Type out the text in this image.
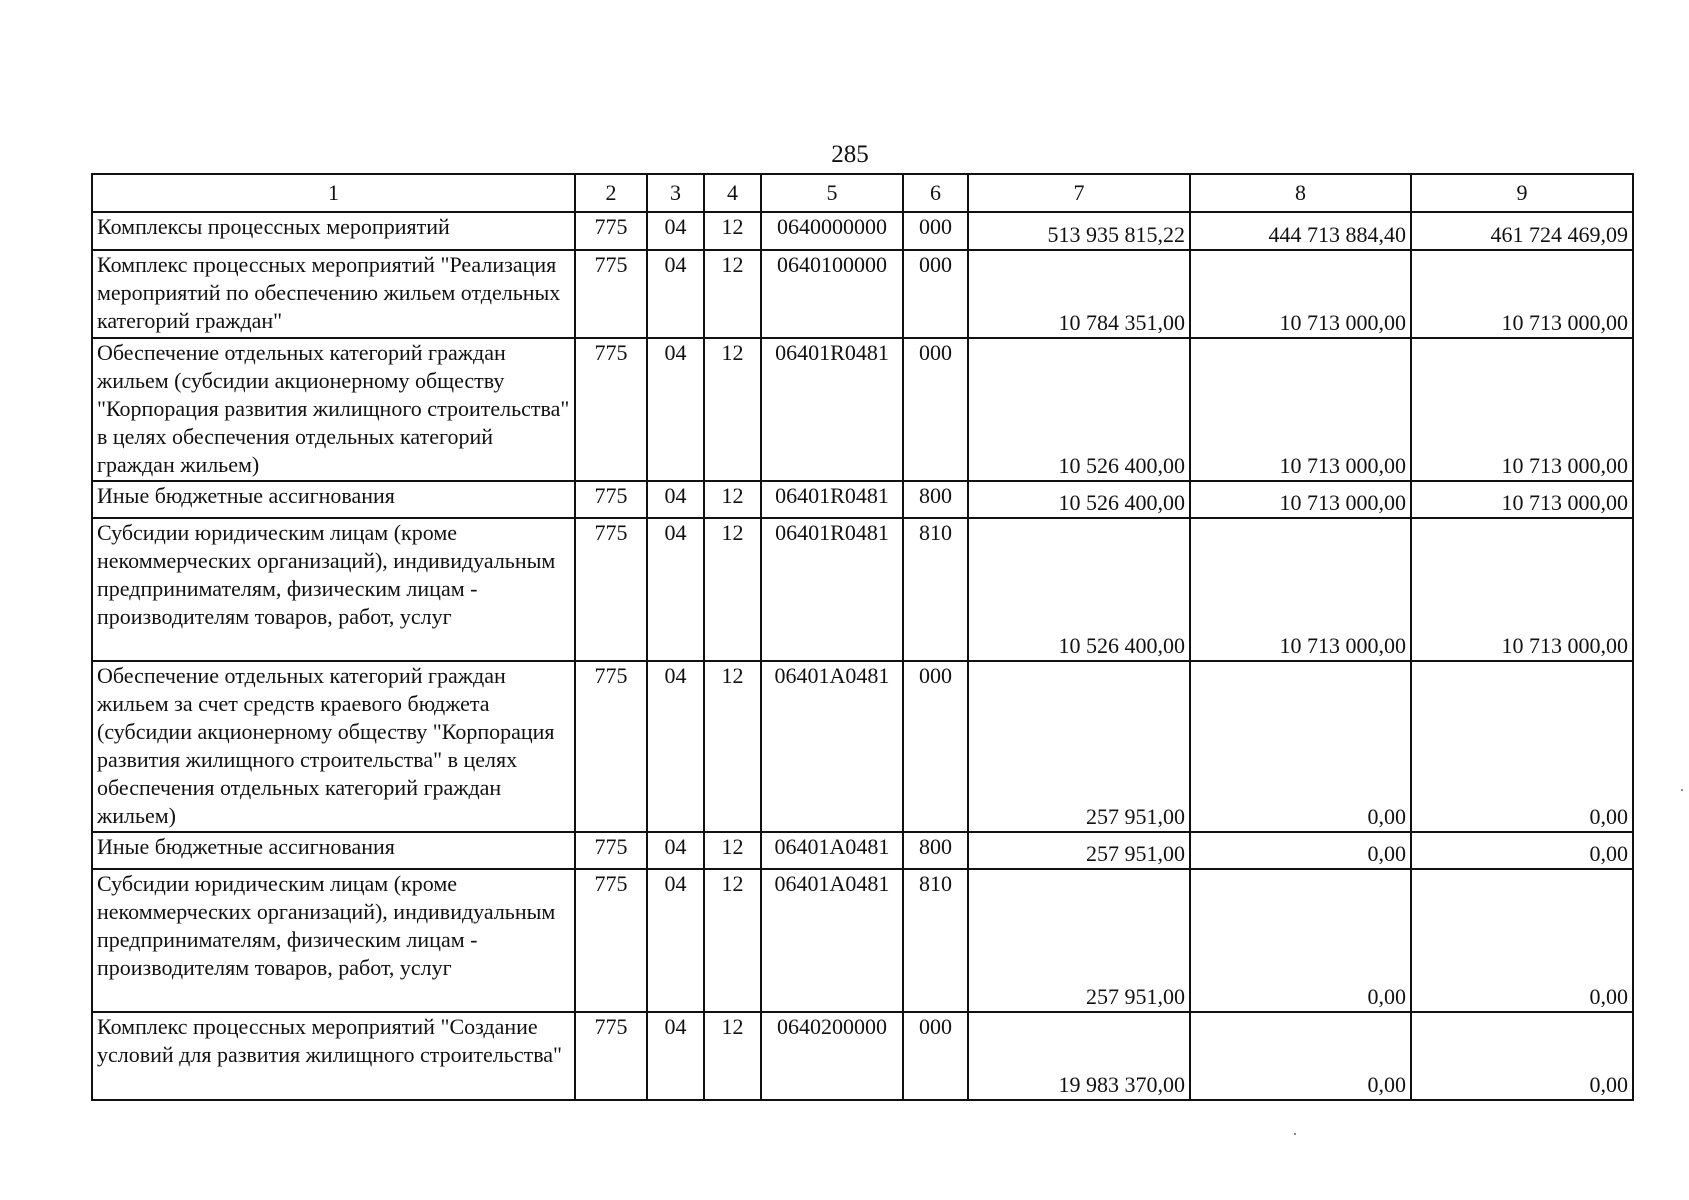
285
1	2	3	4	5	6	7	8	9
Комплексы процессных мероприятий	775	04	12	0640000000	000	513 935 815,22	444 713 884,40	461 724 469,09
Комплекс процессных мероприятий "Реализация мероприятий по обеспечению жильем отдельных категорий граждан"	775	04	12	0640100000	000	10 784 351,00	10 713 000,00	10 713 000,00
Обеспечение отдельных категорий граждан жильем (субсидии акционерному обществу "Корпорация развития жилищного строительства" в целях обеспечения отдельных категорий граждан жильем)	775	04	12	06401R0481	000	10 526 400,00	10 713 000,00	10 713 000,00
Иные бюджетные ассигнования	775	04	12	06401R0481	800	10 526 400,00	10 713 000,00	10 713 000,00
Субсидии юридическим лицам (кроме некоммерческих организаций), индивидуальным предпринимателям, физическим лицам - производителям товаров, работ, услуг	775	04	12	06401R0481	810	10 526 400,00	10 713 000,00	10 713 000,00
Обеспечение отдельных категорий граждан жильем за счет средств краевого бюджета (субсидии акционерному обществу "Корпорация развития жилищного строительства" в целях обеспечения отдельных категорий граждан жильем)	775	04	12	06401A0481	000	257 951,00	0,00	0,00
Иные бюджетные ассигнования	775	04	12	06401A0481	800	257 951,00	0,00	0,00
Субсидии юридическим лицам (кроме некоммерческих организаций), индивидуальным предпринимателям, физическим лицам - производителям товаров, работ, услуг	775	04	12	06401A0481	810	257 951,00	0,00	0,00
Комплекс процессных мероприятий "Создание условий для развития жилищного строительства"	775	04	12	0640200000	000	19 983 370,00	0,00	0,00
